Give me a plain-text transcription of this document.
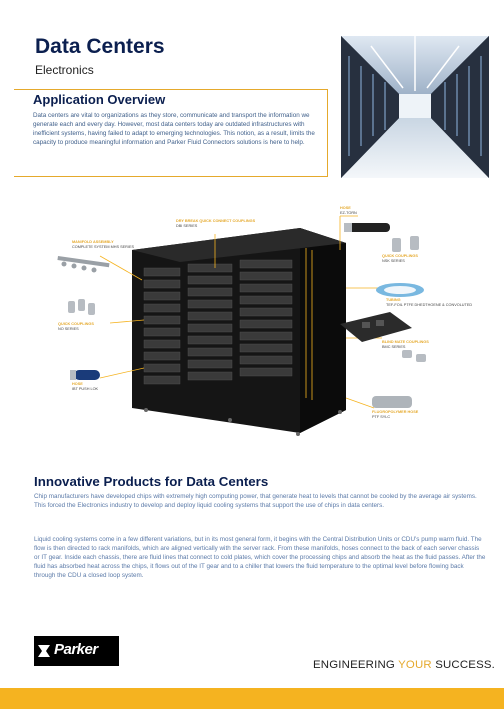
Data Centers
Electronics
Application Overview
Data centers are vital to organizations as they store, communicate and transport the information we generate each and every day. However, most data centers today are outdated infrastructures with inefficient systems, having failed to adapt to emerging technologies. This notion, as a result, limits the capacity to produce meaningful information and Parker Fluid Connectors solutions is here to help.
MANIFOLD ASSEMBLY
COMPLETE SYSTEM MHS SERIES
DRY BREAK QUICK CONNECT COUPLINGS
DBI SERIES
HOSE
EZ-TORN
QUICK COUPLINGS
NSK SERIES
TUBING
TEF-FOIL PTFE DHEDTHOENE & CONVOLUTED
QUICK COUPLINGS
NO SERIES
BLIND MATE COUPLINGS
BMC SERIES
HOSE
IBT PUSH LOK
FLUOROPOLYMER HOSE
PTF SYLC
Innovative Products for Data Centers

Chip manufacturers have developed chips with extremely high computing power, that generate heat to levels that cannot be cooled by the average air systems. This forced the Electronics industry to develop and deploy liquid cooling systems that support the use of chips in data centers.

Liquid cooling systems come in a few different variations, but in its most general form, it begins with the Central Distribution Units or CDU’s pump warm fluid. The flow is then directed to rack manifolds, which are aligned vertically with the server rack. From these manifolds, hoses connect to the back of each server chassis or IT gear. Inside each chassis, there are fluid lines that connect to cold plates, which cover the processing chips and absorb the heat as the fluid passes. After the fluid has absorbed heat across the chips, it flows out of the IT gear and to a chiller that lowers the fluid temperature to the optimal level before flowing back through the CDU a closed loop system.

Parker
ENGINEERING YOUR SUCCESS.
